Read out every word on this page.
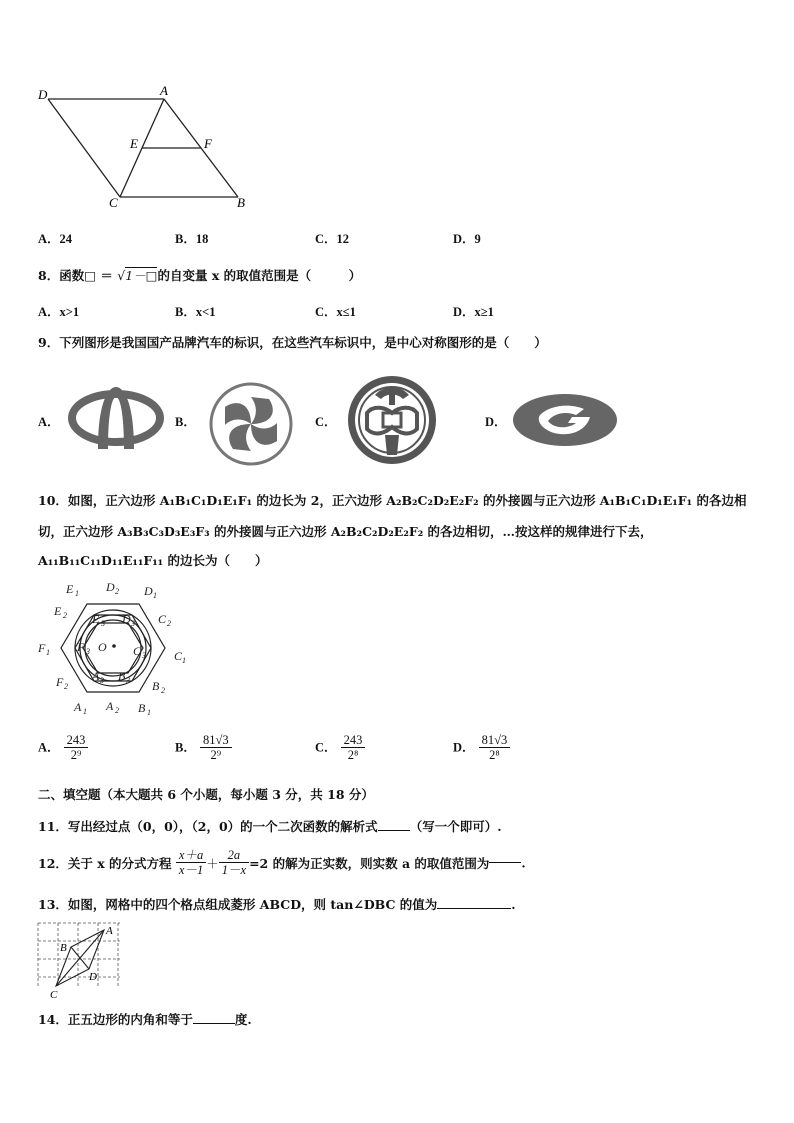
D	A
E	F
C	B
A．24	B．18	C．12	D．9
8．函数□ ＝ √1－□的自变量 x 的取值范围是（　　　）
A．x>1	B．x<1	C．x≤1	D．x≥1
9．下列图形是我国国产品牌汽车的标识，在这些汽车标识中，是中心对称图形的是（　　）
A．	B．	C．	D．
10．如图，正六边形 A₁B₁C₁D₁E₁F₁ 的边长为 2，正六边形 A₂B₂C₂D₂E₂F₂ 的外接圆与正六边形 A₁B₁C₁D₁E₁F₁ 的各边相
切，正六边形 A₃B₃C₃D₃E₃F₃ 的外接圆与正六边形 A₂B₂C₂D₂E₂F₂ 的各边相切，…按这样的规律进行下去，
A₁₁B₁₁C₁₁D₁₁E₁₁F₁₁ 的边长为（　　）
E 1 D 2 D 1
E 2	C 2
E 3 D 3
F 1 F 3 O C 3 C 1
F 2
A 3 B 3 B 2
A 1 A 2 B 1
A． $\frac{243}{\text{2⁹}}$	B． $\frac{81√3}{\text{2⁹}}$	C． $\frac{243}{\text{2⁸}}$	D． $\frac{81√3}{\text{2⁸}}$
二、填空题（本大题共 6 个小题，每小题 3 分，共 18 分）
11．写出经过点（0，0），（2，0）的一个二次函数的解析式	（写一个即可）.
12．关于 x 的分式方程 $\frac{x+a}{x-1} + \frac{2a}{1-x} =2$ 的解为正实数，则实数 a 的取值范围为	.
13．如图，网格中的四个格点组成菱形 ABCD，则 tan∠DBC 的值为	.
A
B
C
D
14．正五边形的内角和等于	度.
